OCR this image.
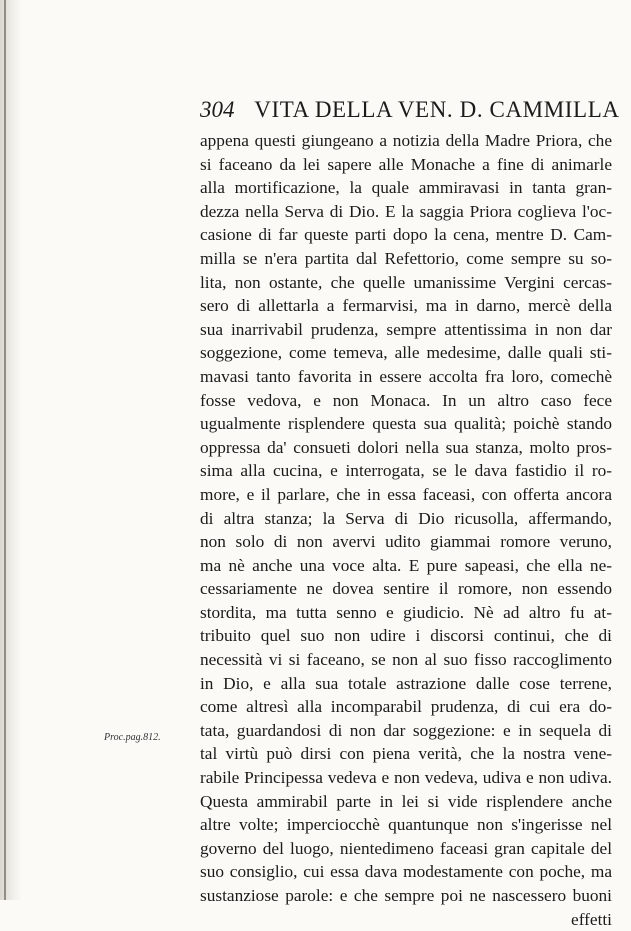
304 VITA DELLA VEN. D. CAMMILLA
appena questi giungeano a notizia della Madre Priora, che
si faceano da lei sapere alle Monache a fine di animarle
alla mortificazione, la quale ammiravasi in tanta gran-
dezza nella Serva di Dio. E la saggia Priora coglieva l'oc-
casione di far queste parti dopo la cena, mentre D. Cam-
milla se n'era partita dal Refettorio, come sempre su so-
lita, non ostante, che quelle umanissime Vergini cercas-
sero di allettarla a fermarvisi, ma in darno, mercè della
sua inarrivabil prudenza, sempre attentissima in non dar
soggezione, come temeva, alle medesime, dalle quali sti-
mavasi tanto favorita in essere accolta fra loro, comechè
fosse vedova, e non Monaca. In un altro caso fece
ugualmente risplendere questa sua qualità; poichè stando
oppressa da' consueti dolori nella sua stanza, molto pros-
sima alla cucina, e interrogata, se le dava fastidio il ro-
more, e il parlare, che in essa faceasi, con offerta ancora
di altra stanza; la Serva di Dio ricusolla, affermando,
non solo di non avervi udito giammai romore veruno,
ma nè anche una voce alta. E pure sapeasi, che ella ne-
cessariamente ne dovea sentire il romore, non essendo
stordita, ma tutta senno e giudicio. Nè ad altro fu at-
tribuito quel suo non udire i discorsi continui, che di
necessità vi si faceano, se non al suo fisso raccoglimento
in Dio, e alla sua totale astrazione dalle cose terrene,
come altresì alla incomparabil prudenza, di cui era do-
tata, guardandosi di non dar soggezione: e in sequela di
tal virtù può dirsi con piena verità, che la nostra vene-
rabile Principessa vedeva e non vedeva, udiva e non udiva.
Questa ammirabil parte in lei si vide risplendere anche
altre volte; imperciocchè quantunque non s'ingerisse nel
governo del luogo, nientedimeno faceasi gran capitale del
suo consiglio, cui essa dava modestamente con poche, ma
sustanziose parole: e che sempre poi ne nascessero buoni
effetti
Proc.pag.812.
